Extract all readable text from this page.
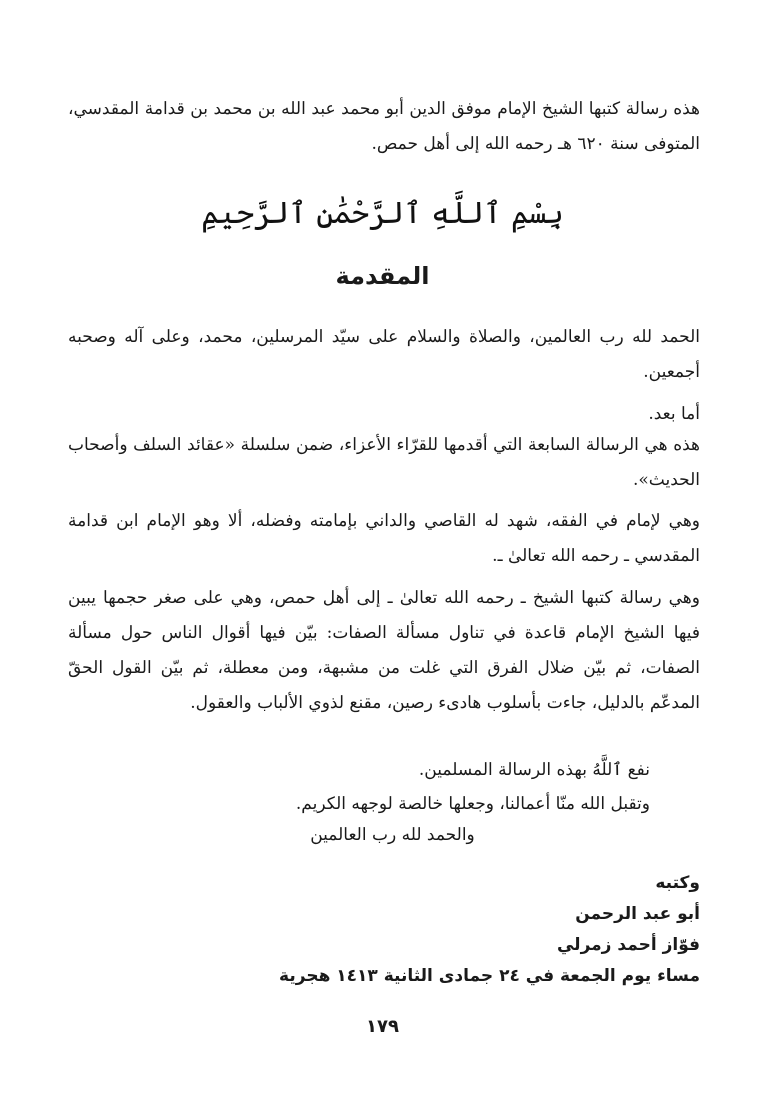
هذه رسالة كتبها الشيخ الإمام موفق الدين أبو محمد عبد الله بن محمد بن قدامة المقدسي، المتوفى سنة ٦٢٠ هـ رحمه الله إلى أهل حمص.
بِسْمِ ٱللَّهِ ٱلرَّحْمَٰنِ ٱلرَّحِيمِ
المقدمة
الحمد لله رب العالمين، والصلاة والسلام على سيّد المرسلين، محمد، وعلى آله وصحبه أجمعين.
أما بعد.
هذه هي الرسالة السابعة التي أقدمها للقرّاء الأعزاء، ضمن سلسلة «عقائد السلف وأصحاب الحديث».
وهي لإمام في الفقه، شهد له القاصي والداني بإمامته وفضله، ألا وهو الإمام ابن قدامة المقدسي ـ رحمه الله تعالىٰ ـ.
وهي رسالة كتبها الشيخ ـ رحمه الله تعالىٰ ـ إلى أهل حمص، وهي على صغر حجمها يبين فيها الشيخ الإمام قاعدة في تناول مسألة الصفات: بيّن فيها أقوال الناس حول مسألة الصفات، ثم بيّن ضلال الفرق التي غلت من مشبهة، ومن معطلة، ثم بيّن القول الحقّ المدعّم بالدليل، جاءت بأسلوب هادىء رصين، مقنع لذوي الألباب والعقول.
نفع ٱللَّهُ بهذه الرسالة المسلمين.
وتقبل الله منّا أعمالنا، وجعلها خالصة لوجهه الكريم.
والحمد لله رب العالمين
وكتبه
أبو عبد الرحمن
فوّاز أحمد زمرلي
مساء يوم الجمعة في ٢٤ جمادى الثانية ١٤١٣ هجرية
١٧٩
